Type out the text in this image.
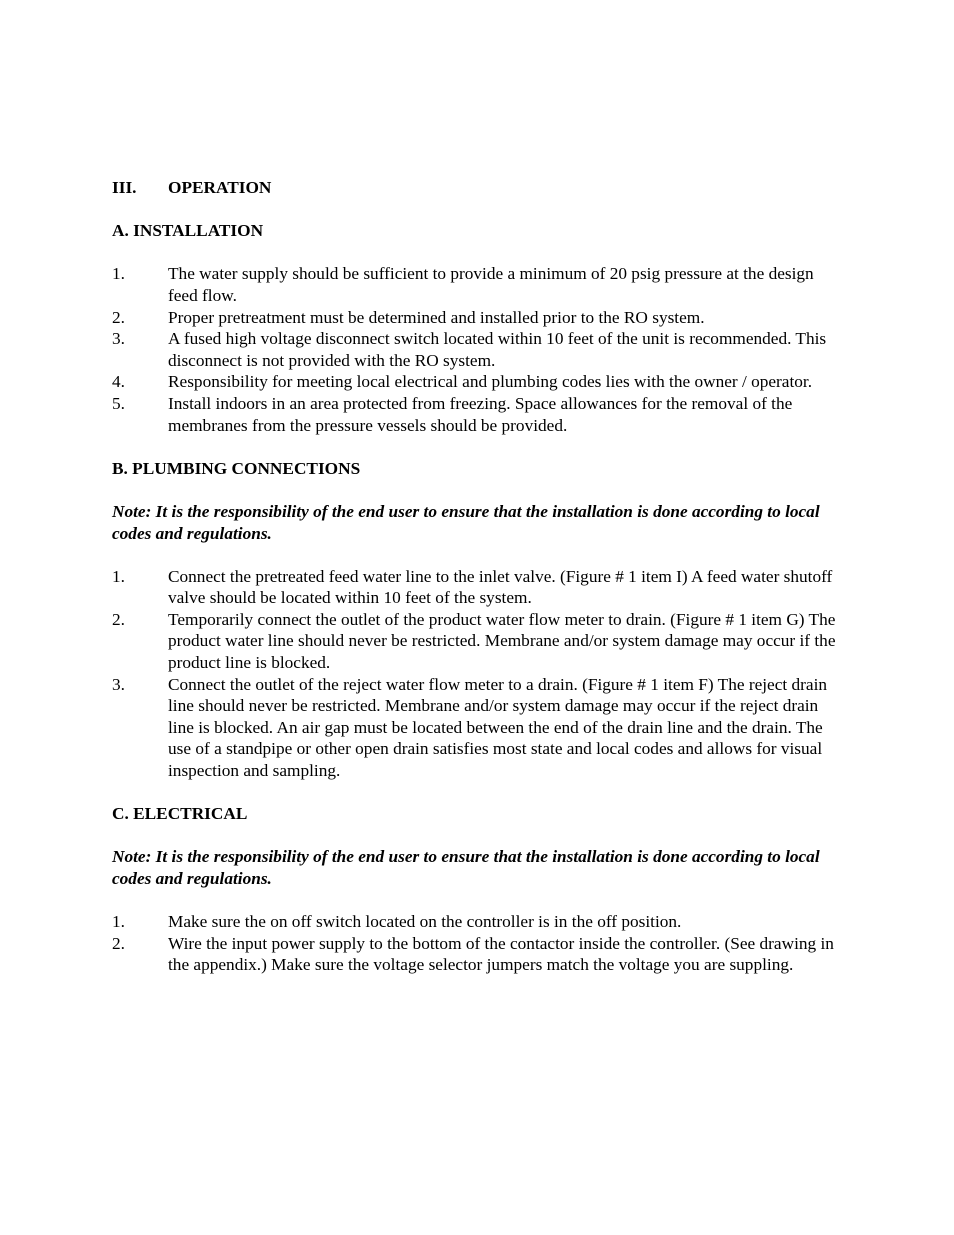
III.	OPERATION

A. INSTALLATION

1.	The water supply should be sufficient to provide a minimum of 20 psig pressure at the design feed flow.
2.	Proper pretreatment must be determined and installed prior to the RO system.
3.	A fused high voltage disconnect switch located within 10 feet of the unit is recommended. This disconnect is not provided with the RO system.
4.	Responsibility for meeting local electrical and plumbing codes lies with the owner / operator.
5.	Install indoors in an area protected from freezing. Space allowances for the removal of the membranes from the pressure vessels should be provided.

B. PLUMBING CONNECTIONS

Note: It is the responsibility of the end user to ensure that the installation is done according to local codes and regulations.

1.	Connect the pretreated feed water line to the inlet valve. (Figure # 1 item I) A feed water shutoff valve should be located within 10 feet of the system.
2.	Temporarily connect the outlet of the product water flow meter to drain. (Figure # 1 item G) The product water line should never be restricted. Membrane and/or system damage may occur if the product line is blocked.
3.	Connect the outlet of the reject water flow meter to a drain. (Figure # 1 item F) The reject drain line should never be restricted. Membrane and/or system damage may occur if the reject drain line is blocked. An air gap must be located between the end of the drain line and the drain. The use of a standpipe or other open drain satisfies most state and local codes and allows for visual inspection and sampling.

C. ELECTRICAL

Note: It is the responsibility of the end user to ensure that the installation is done according to local codes and regulations.

1.	Make sure the on off switch located on the controller is in the off position.
2.	Wire the input power supply to the bottom of the contactor inside the controller. (See drawing in the appendix.) Make sure the voltage selector jumpers match the voltage you are suppling.
